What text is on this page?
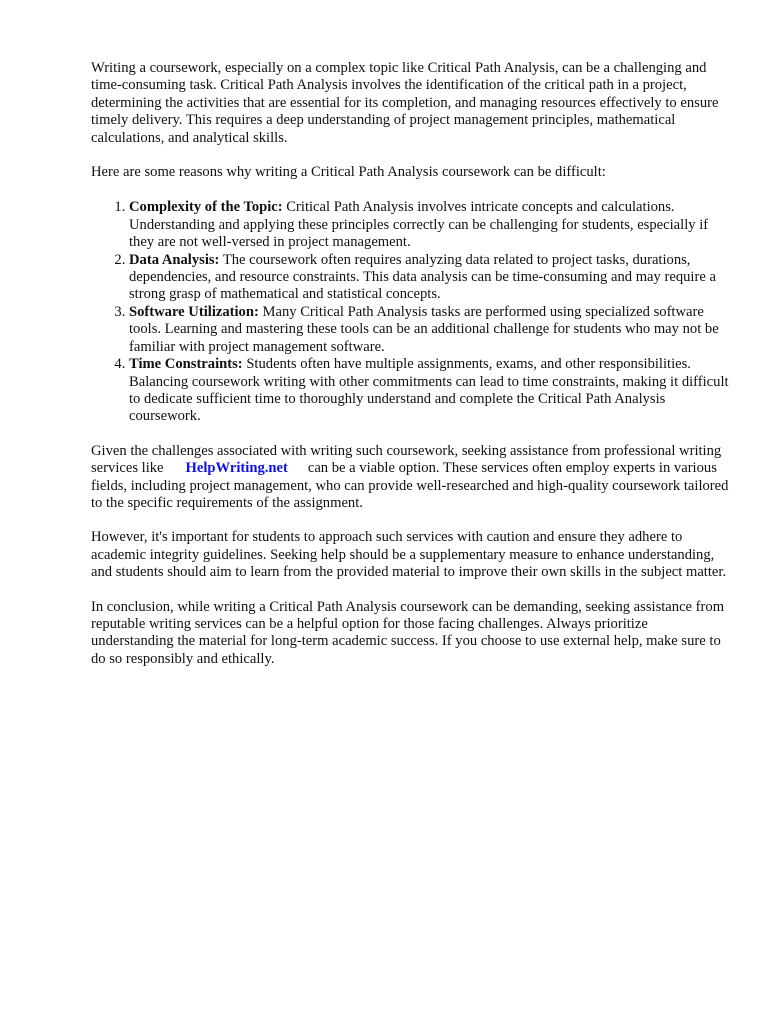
Writing a coursework, especially on a complex topic like Critical Path Analysis, can be a challenging and time-consuming task. Critical Path Analysis involves the identification of the critical path in a project, determining the activities that are essential for its completion, and managing resources effectively to ensure timely delivery. This requires a deep understanding of project management principles, mathematical calculations, and analytical skills.

Here are some reasons why writing a Critical Path Analysis coursework can be difficult:

1. Complexity of the Topic: Critical Path Analysis involves intricate concepts and calculations. Understanding and applying these principles correctly can be challenging for students, especially if they are not well-versed in project management.
2. Data Analysis: The coursework often requires analyzing data related to project tasks, durations, dependencies, and resource constraints. This data analysis can be time-consuming and may require a strong grasp of mathematical and statistical concepts.
3. Software Utilization: Many Critical Path Analysis tasks are performed using specialized software tools. Learning and mastering these tools can be an additional challenge for students who may not be familiar with project management software.
4. Time Constraints: Students often have multiple assignments, exams, and other responsibilities. Balancing coursework writing with other commitments can lead to time constraints, making it difficult to dedicate sufficient time to thoroughly understand and complete the Critical Path Analysis coursework.

Given the challenges associated with writing such coursework, seeking assistance from professional writing services like HelpWriting.net can be a viable option. These services often employ experts in various fields, including project management, who can provide well-researched and high-quality coursework tailored to the specific requirements of the assignment.

However, it's important for students to approach such services with caution and ensure they adhere to academic integrity guidelines. Seeking help should be a supplementary measure to enhance understanding, and students should aim to learn from the provided material to improve their own skills in the subject matter.

In conclusion, while writing a Critical Path Analysis coursework can be demanding, seeking assistance from reputable writing services can be a helpful option for those facing challenges. Always prioritize understanding the material for long-term academic success. If you choose to use external help, make sure to do so responsibly and ethically.
